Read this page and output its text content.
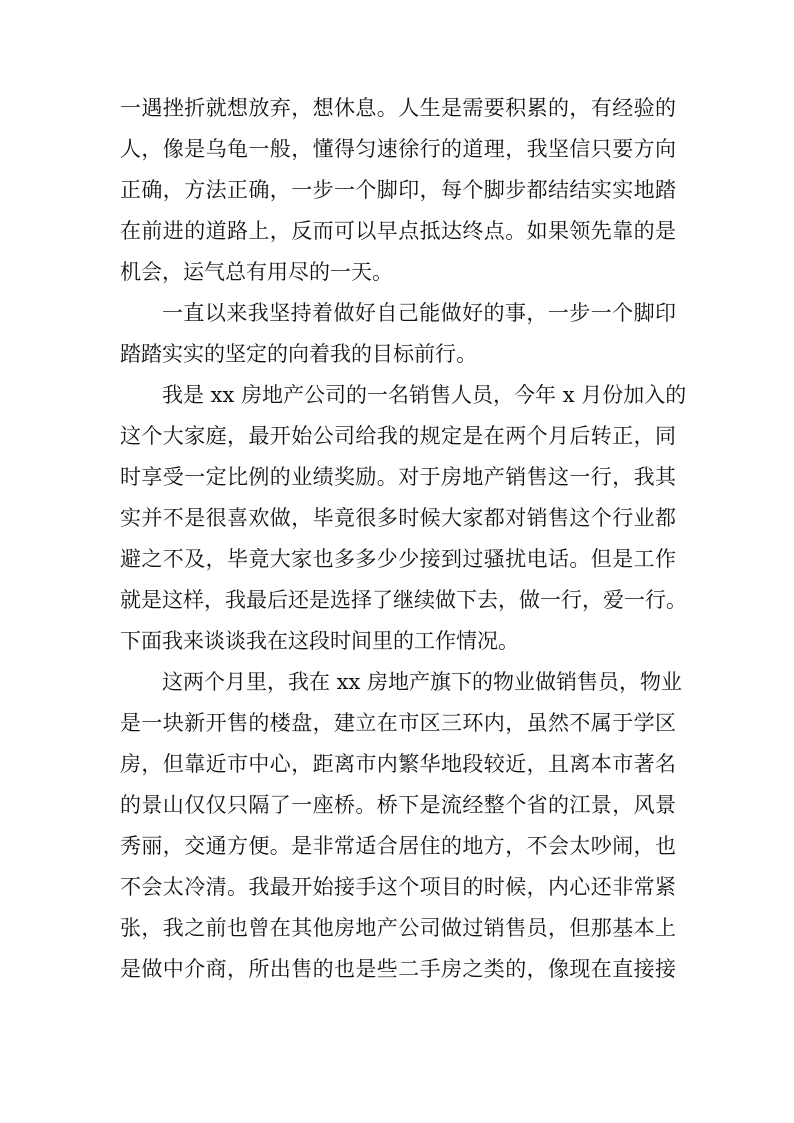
一遇挫折就想放弃，想休息。人生是需要积累的，有经验的
人，像是乌龟一般，懂得匀速徐行的道理，我坚信只要方向
正确，方法正确，一步一个脚印，每个脚步都结结实实地踏
在前进的道路上，反而可以早点抵达终点。如果领先靠的是
机会，运气总有用尽的一天。
一直以来我坚持着做好自己能做好的事，一步一个脚印
踏踏实实的坚定的向着我的目标前行。
我是 xx 房地产公司的一名销售人员，今年 x 月份加入的
这个大家庭，最开始公司给我的规定是在两个月后转正，同
时享受一定比例的业绩奖励。对于房地产销售这一行，我其
实并不是很喜欢做，毕竟很多时候大家都对销售这个行业都
避之不及，毕竟大家也多多少少接到过骚扰电话。但是工作
就是这样，我最后还是选择了继续做下去，做一行，爱一行。
下面我来谈谈我在这段时间里的工作情况。
这两个月里，我在 xx 房地产旗下的物业做销售员，物业
是一块新开售的楼盘，建立在市区三环内，虽然不属于学区
房，但靠近市中心，距离市内繁华地段较近，且离本市著名
的景山仅仅只隔了一座桥。桥下是流经整个省的江景，风景
秀丽，交通方便。是非常适合居住的地方，不会太吵闹，也
不会太冷清。我最开始接手这个项目的时候，内心还非常紧
张，我之前也曾在其他房地产公司做过销售员，但那基本上
是做中介商，所出售的也是些二手房之类的，像现在直接接
